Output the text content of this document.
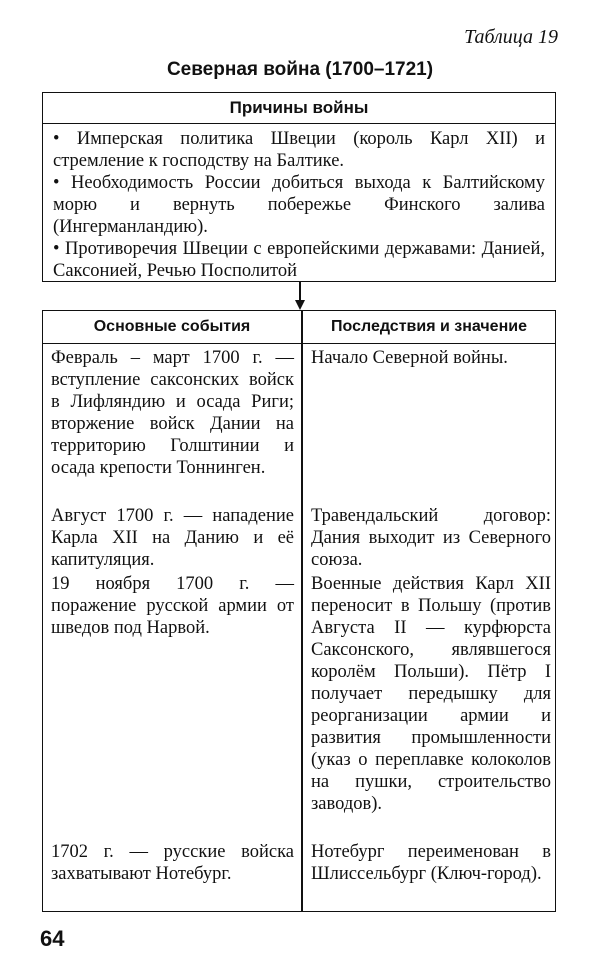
Таблица 19
Северная война (1700–1721)
Причины войны
• Имперская политика Швеции (король Карл XII) и стремление к господству на Балтике.
• Необходимость России добиться выхода к Балтийскому морю и вернуть побережье Финского залива (Ингерманландию).
• Противоречия Швеции с европейскими державами: Данией, Саксонией, Речью Посполитой
Основные события	Последствия и значение
Февраль – март 1700 г. — вступление саксонских войск в Лифляндию и осада Риги; вторжение войск Дании на территорию Голштинии и осада крепости Тоннинген.
Начало Северной войны.
Август 1700 г. — нападение Карла XII на Данию и её капитуляция.
Травендальский договор: Дания выходит из Северного союза.
19 ноября 1700 г. — поражение русской армии от шведов под Нарвой.
Военные действия Карл XII переносит в Польшу (против Августа II — курфюрста Саксонского, являвшегося королём Польши). Пётр I получает передышку для реорганизации армии и развития промышленности (указ о переплавке колоколов на пушки, строительство заводов).
1702 г. — русские войска захватывают Нотебург.
Нотебург переименован в Шлиссельбург (Ключ-город).
64
